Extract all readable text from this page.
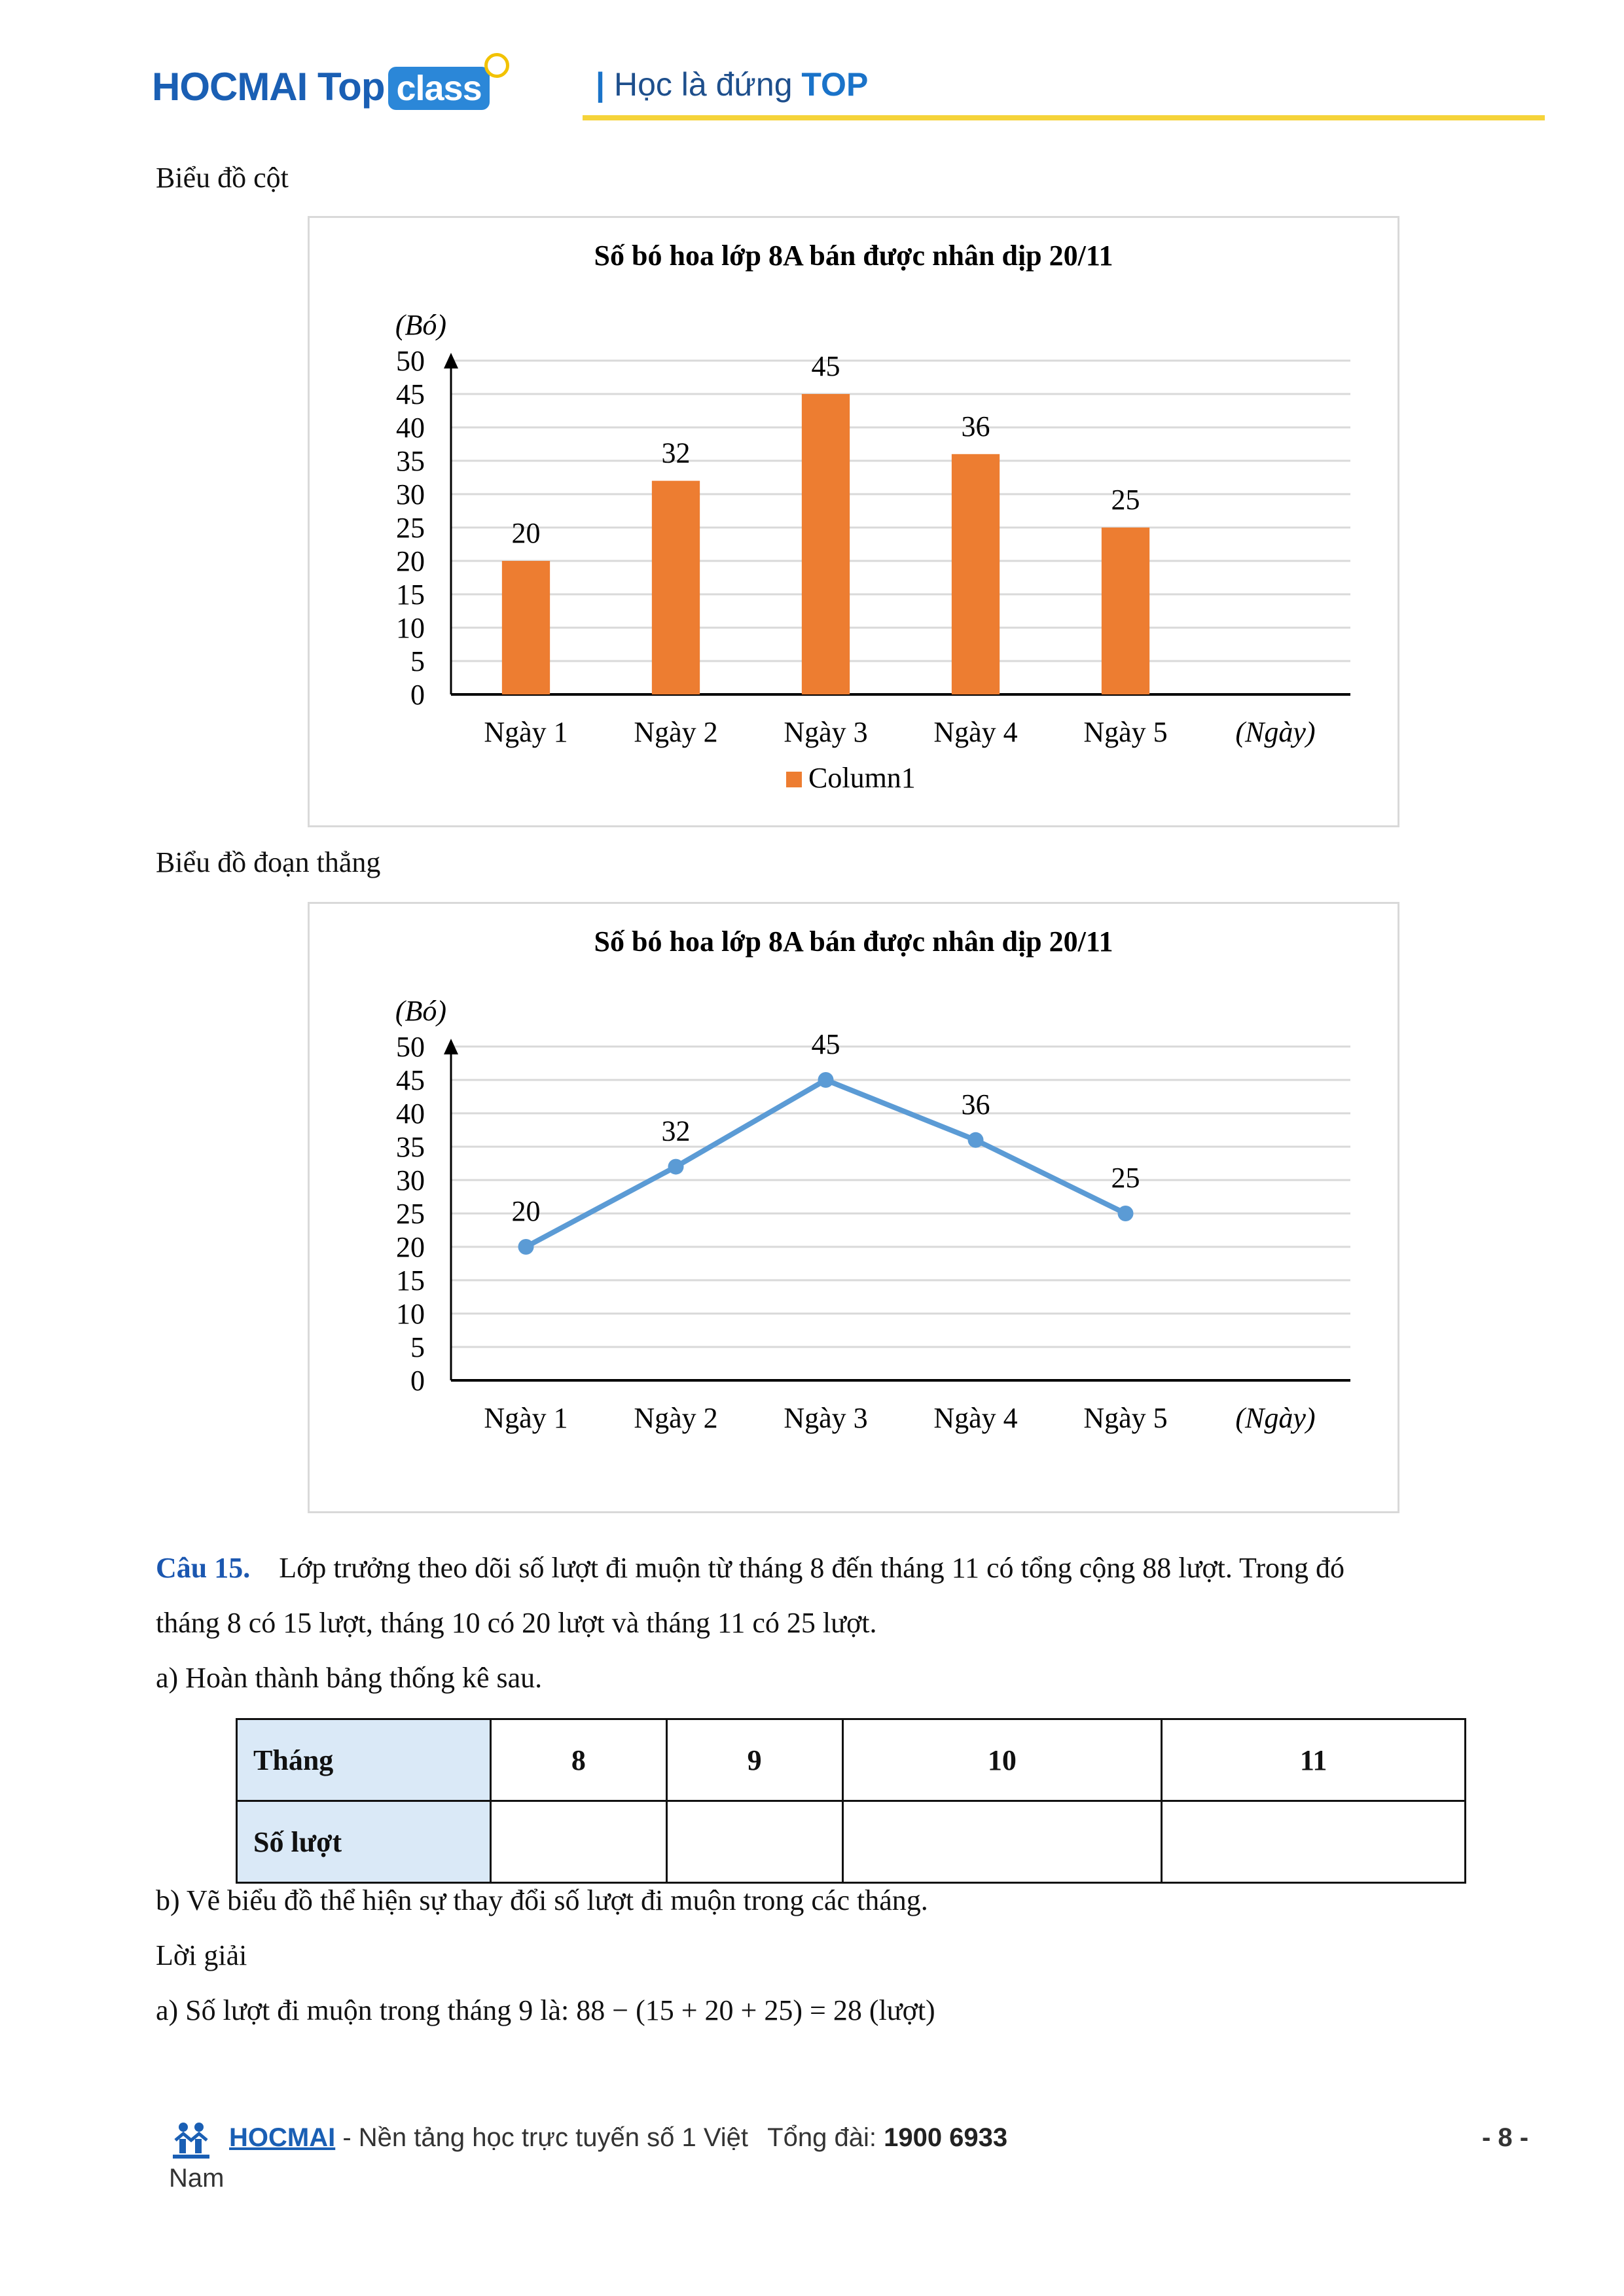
HOCMAI Top class	| Học là đứng TOP
Biểu đồ cột
Số bó hoa lớp 8A bán được nhân dịp 20/11
(Bó)
0
5
10
15
20
25
30
35
40
45
50
Ngày 1 Ngày 2 Ngày 3 Ngày 4 Ngày 5 (Ngày)
20
32
45
36
25
Column1
Biểu đồ đoạn thẳng
Số bó hoa lớp 8A bán được nhân dịp 20/11
(Bó)
0
5
10
15
20
25
30
35
40
45
50
Ngày 1 Ngày 2 Ngày 3 Ngày 4 Ngày 5 (Ngày)
20
32
45
36
25
Câu 15. Lớp trưởng theo dõi số lượt đi muộn từ tháng 8 đến tháng 11 có tổng cộng 88 lượt. Trong đó
tháng 8 có 15 lượt, tháng 10 có 20 lượt và tháng 11 có 25 lượt.
a) Hoàn thành bảng thống kê sau.
Tháng	8	9	10	11
Số lượt				
b) Vẽ biểu đồ thể hiện sự thay đổi số lượt đi muộn trong các tháng.
Lời giải
a) Số lượt đi muộn trong tháng 9 là: 88 − (15 + 20 + 25) = 28 (lượt)
HOCMAI - Nền tảng học trực tuyến số 1 Việt Tổng đài: 1900 6933	- 8 -
Nam
